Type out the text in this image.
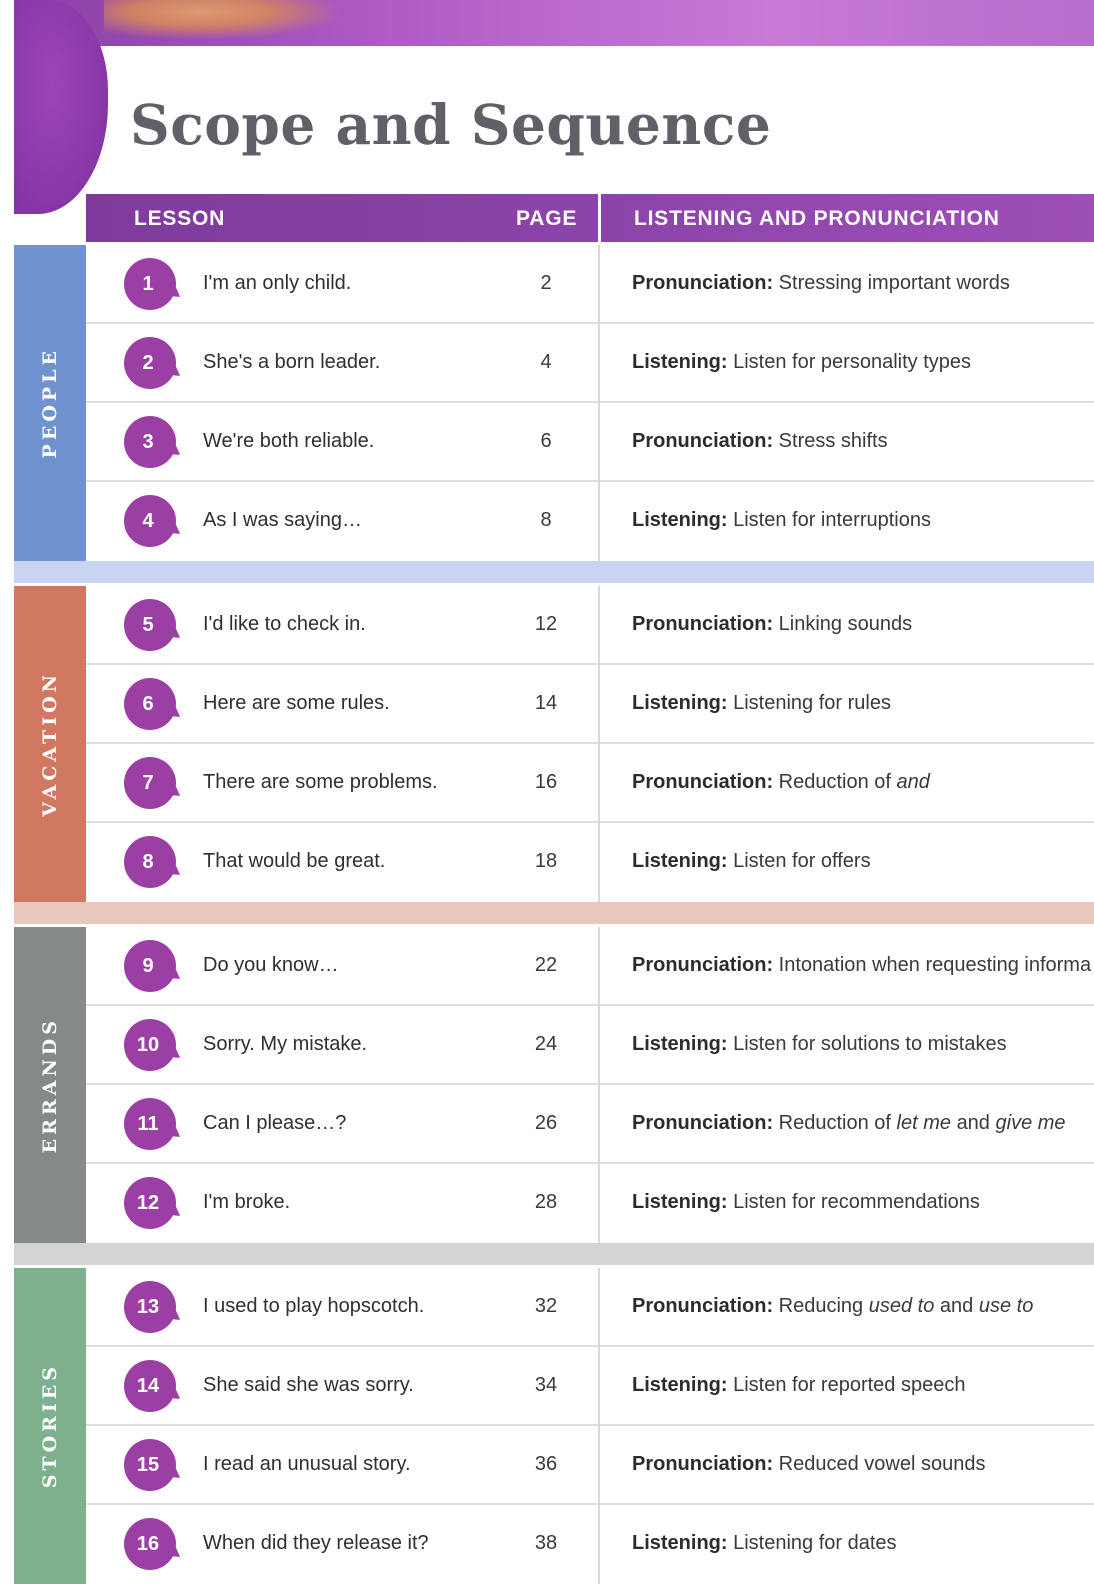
Scope and Sequence
LESSON	PAGE	LISTENING AND PRONUNCIATION
PEOPLE
1	I'm an only child.	2	Pronunciation: Stressing important words
2	She's a born leader.	4	Listening: Listen for personality types
3	We're both reliable.	6	Pronunciation: Stress shifts
4	As I was saying…	8	Listening: Listen for interruptions
VACATION
5	I'd like to check in.	12	Pronunciation: Linking sounds
6	Here are some rules.	14	Listening: Listening for rules
7	There are some problems.	16	Pronunciation: Reduction of and
8	That would be great.	18	Listening: Listen for offers
ERRANDS
9	Do you know…	22	Pronunciation: Intonation when requesting informa
10	Sorry. My mistake.	24	Listening: Listen for solutions to mistakes
11	Can I please…?	26	Pronunciation: Reduction of let me and give me
12	I'm broke.	28	Listening: Listen for recommendations
STORIES
13	I used to play hopscotch.	32	Pronunciation: Reducing used to and use to
14	She said she was sorry.	34	Listening: Listen for reported speech
15	I read an unusual story.	36	Pronunciation: Reduced vowel sounds
16	When did they release it?	38	Listening: Listening for dates
